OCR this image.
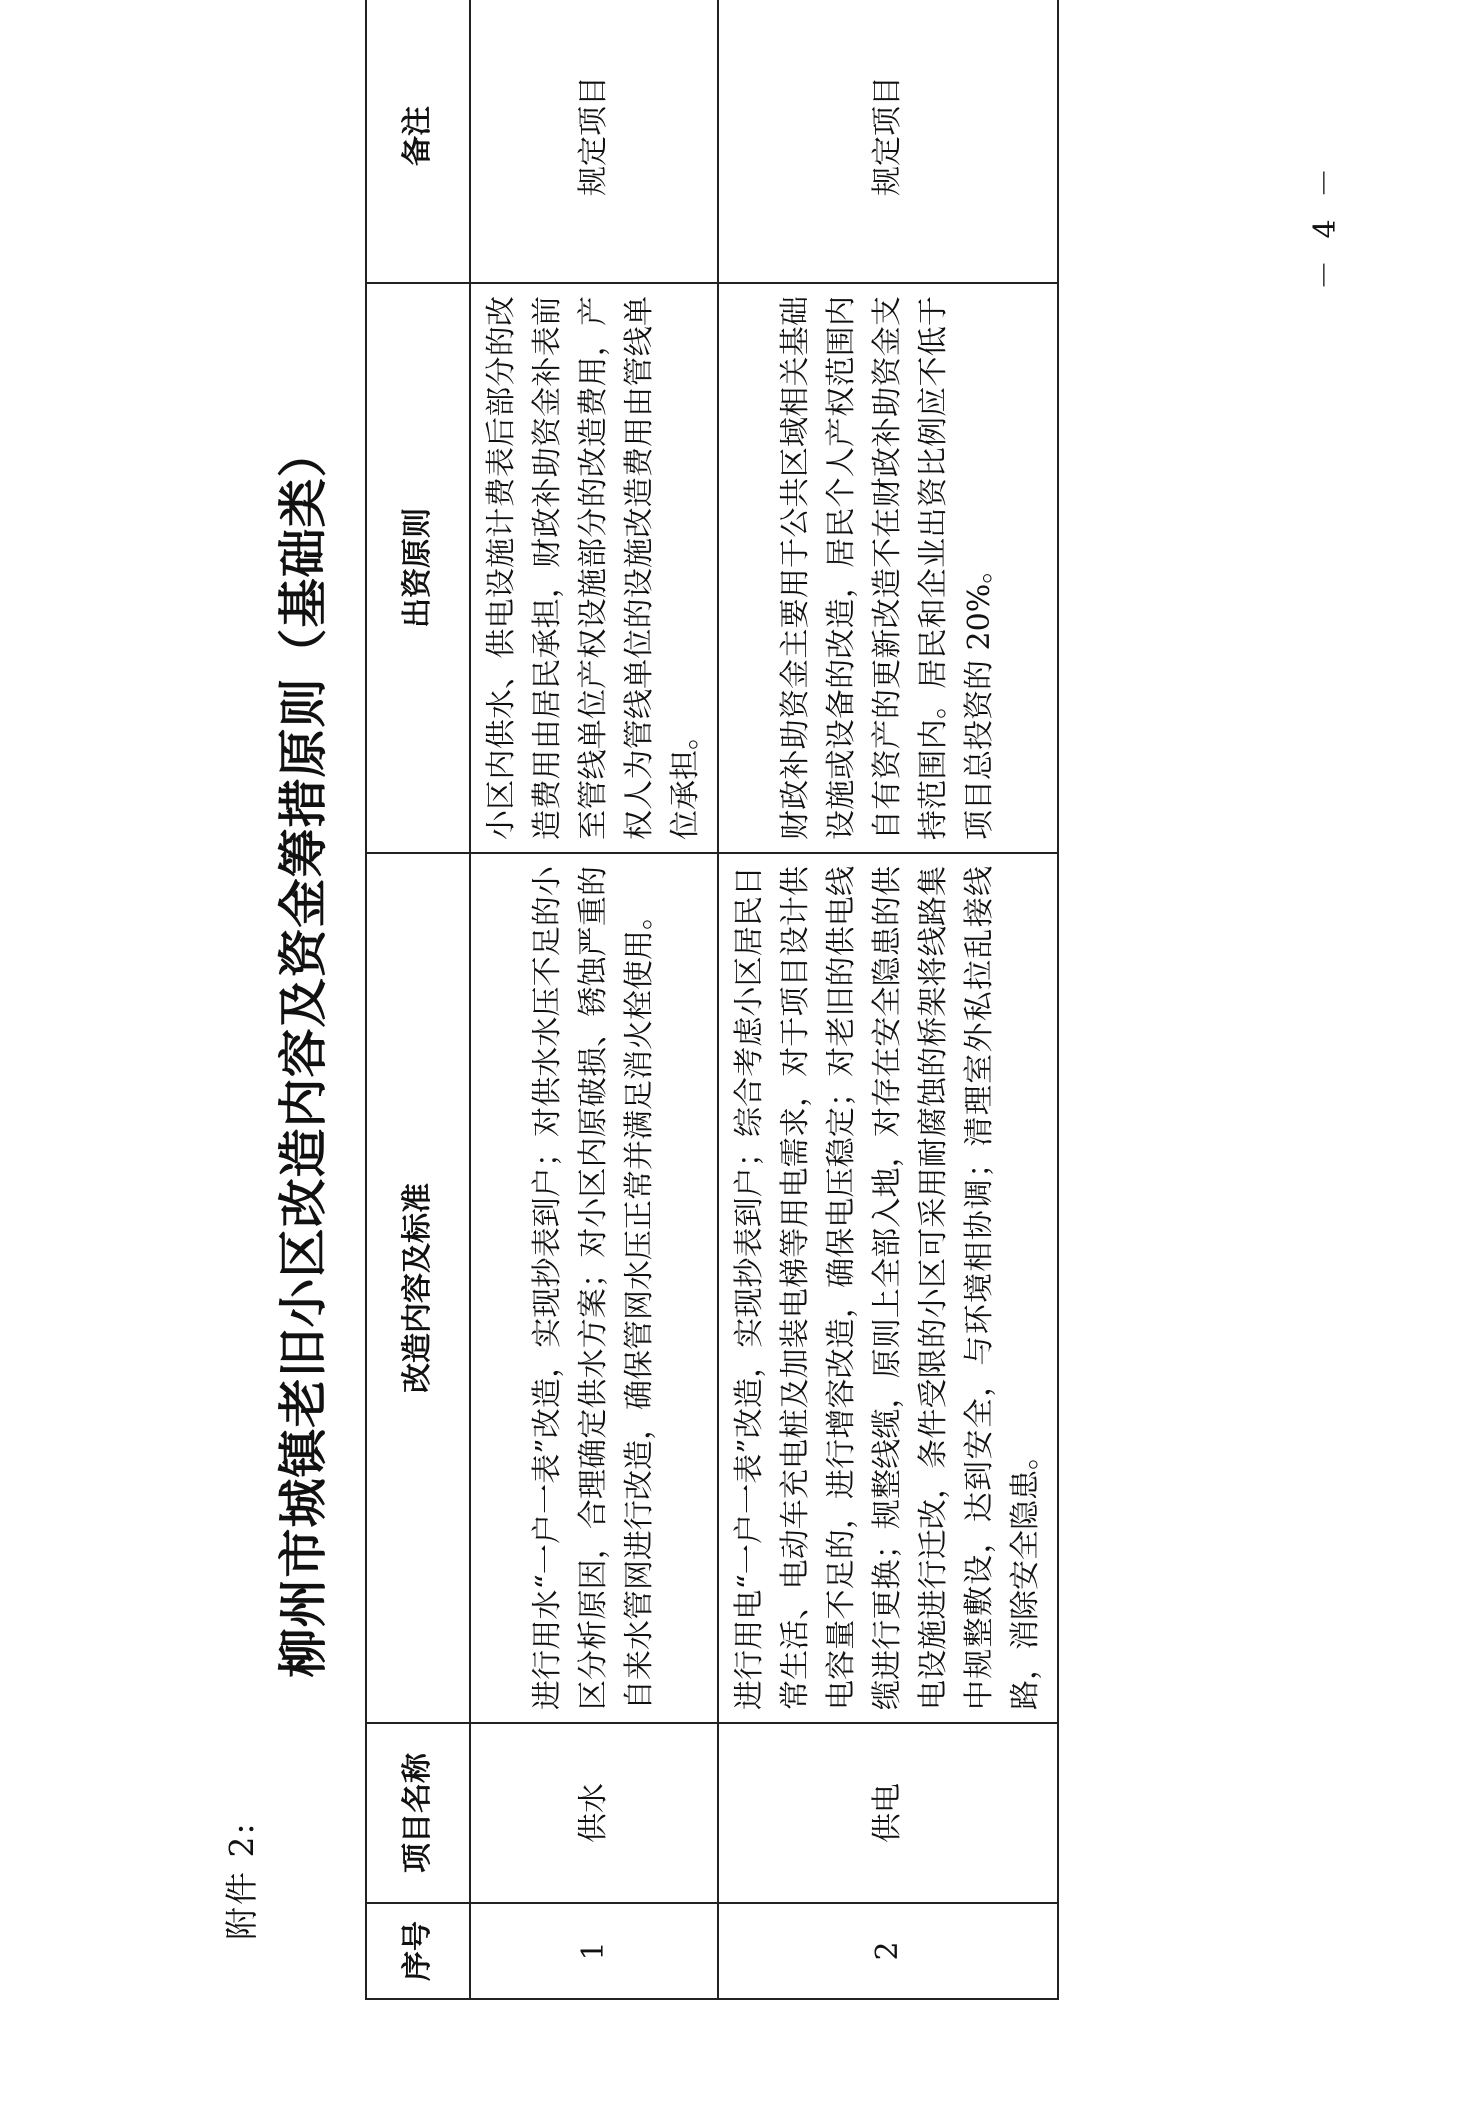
附件 2:
柳州市城镇老旧小区改造内容及资金筹措原则（基础类）
序号	项目名称	改造内容及标准	出资原则	备注
1	供水	进行用水“一户一表”改造，实现抄表到户；对供水水压不足的小区分析原因，合理确定供水方案；对小区内原破损、锈蚀严重的自来水管网进行改造，确保管网水压正常并满足消火栓使用。	小区内供水、供电设施计费表后部分的改造费用由居民承担，财政补助资金补表前至管线单位产权设施部分的改造费用，产权人为管线单位的设施改造费用由管线单位承担。	规定项目
2	供电	进行用电“一户一表”改造，实现抄表到户；综合考虑小区居民日常生活、电动车充电桩及加装电梯等用电需求，对于项目设计供电容量不足的，进行增容改造，确保电压稳定；对老旧的供电线缆进行更换；规整线缆，原则上全部入地，对存在安全隐患的供电设施进行迁改，条件受限的小区可采用耐腐蚀的桥架将线路集中规整敷设，达到安全，与环境相协调；清理室外私拉乱接线路，消除安全隐患。	财政补助资金主要用于公共区域相关基础设施或设备的改造，居民个人产权范围内自有资产的更新改造不在财政补助资金支持范围内。居民和企业出资比例应不低于项目总投资的 20%。	规定项目
－ 4 －
